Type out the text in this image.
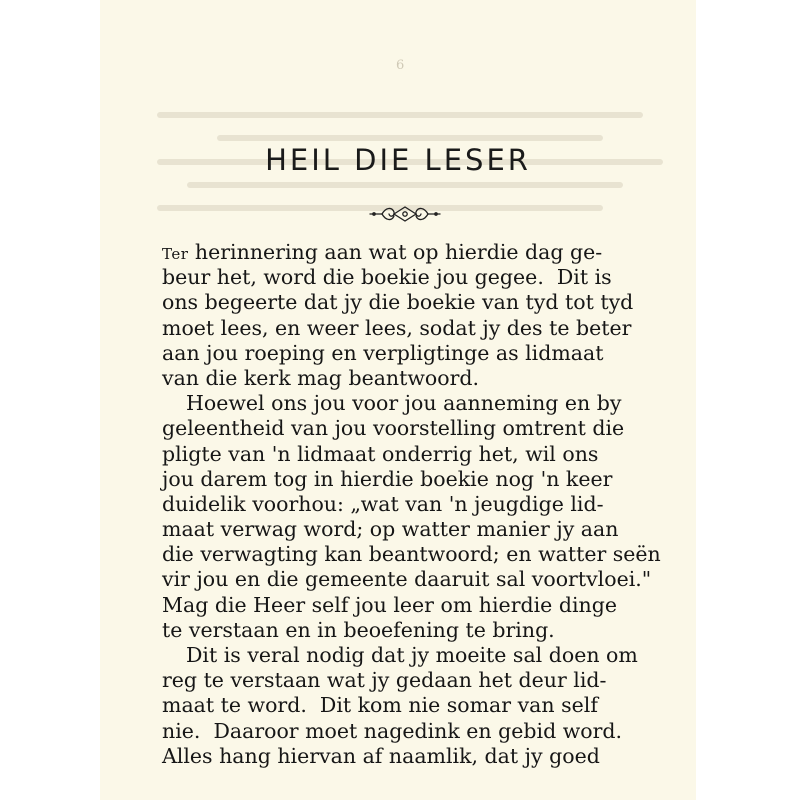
6
HEIL DIE LESER
Ter herinnering aan wat op hierdie dag ge-
beur het, word die boekie jou gegee.  Dit is
ons begeerte dat jy die boekie van tyd tot tyd
moet lees, en weer lees, sodat jy des te beter
aan jou roeping en verpligtinge as lidmaat
van die kerk mag beantwoord.
Hoewel ons jou voor jou aanneming en by
geleentheid van jou voorstelling omtrent die
pligte van 'n lidmaat onderrig het, wil ons
jou darem tog in hierdie boekie nog 'n keer
duidelik voorhou: „wat van 'n jeugdige lid-
maat verwag word; op watter manier jy aan
die verwagting kan beantwoord; en watter seën
vir jou en die gemeente daaruit sal voortvloei."
Mag die Heer self jou leer om hierdie dinge
te verstaan en in beoefening te bring.
Dit is veral nodig dat jy moeite sal doen om
reg te verstaan wat jy gedaan het deur lid-
maat te word.  Dit kom nie somar van self
nie.  Daaroor moet nagedink en gebid word.
Alles hang hiervan af naamlik, dat jy goed
